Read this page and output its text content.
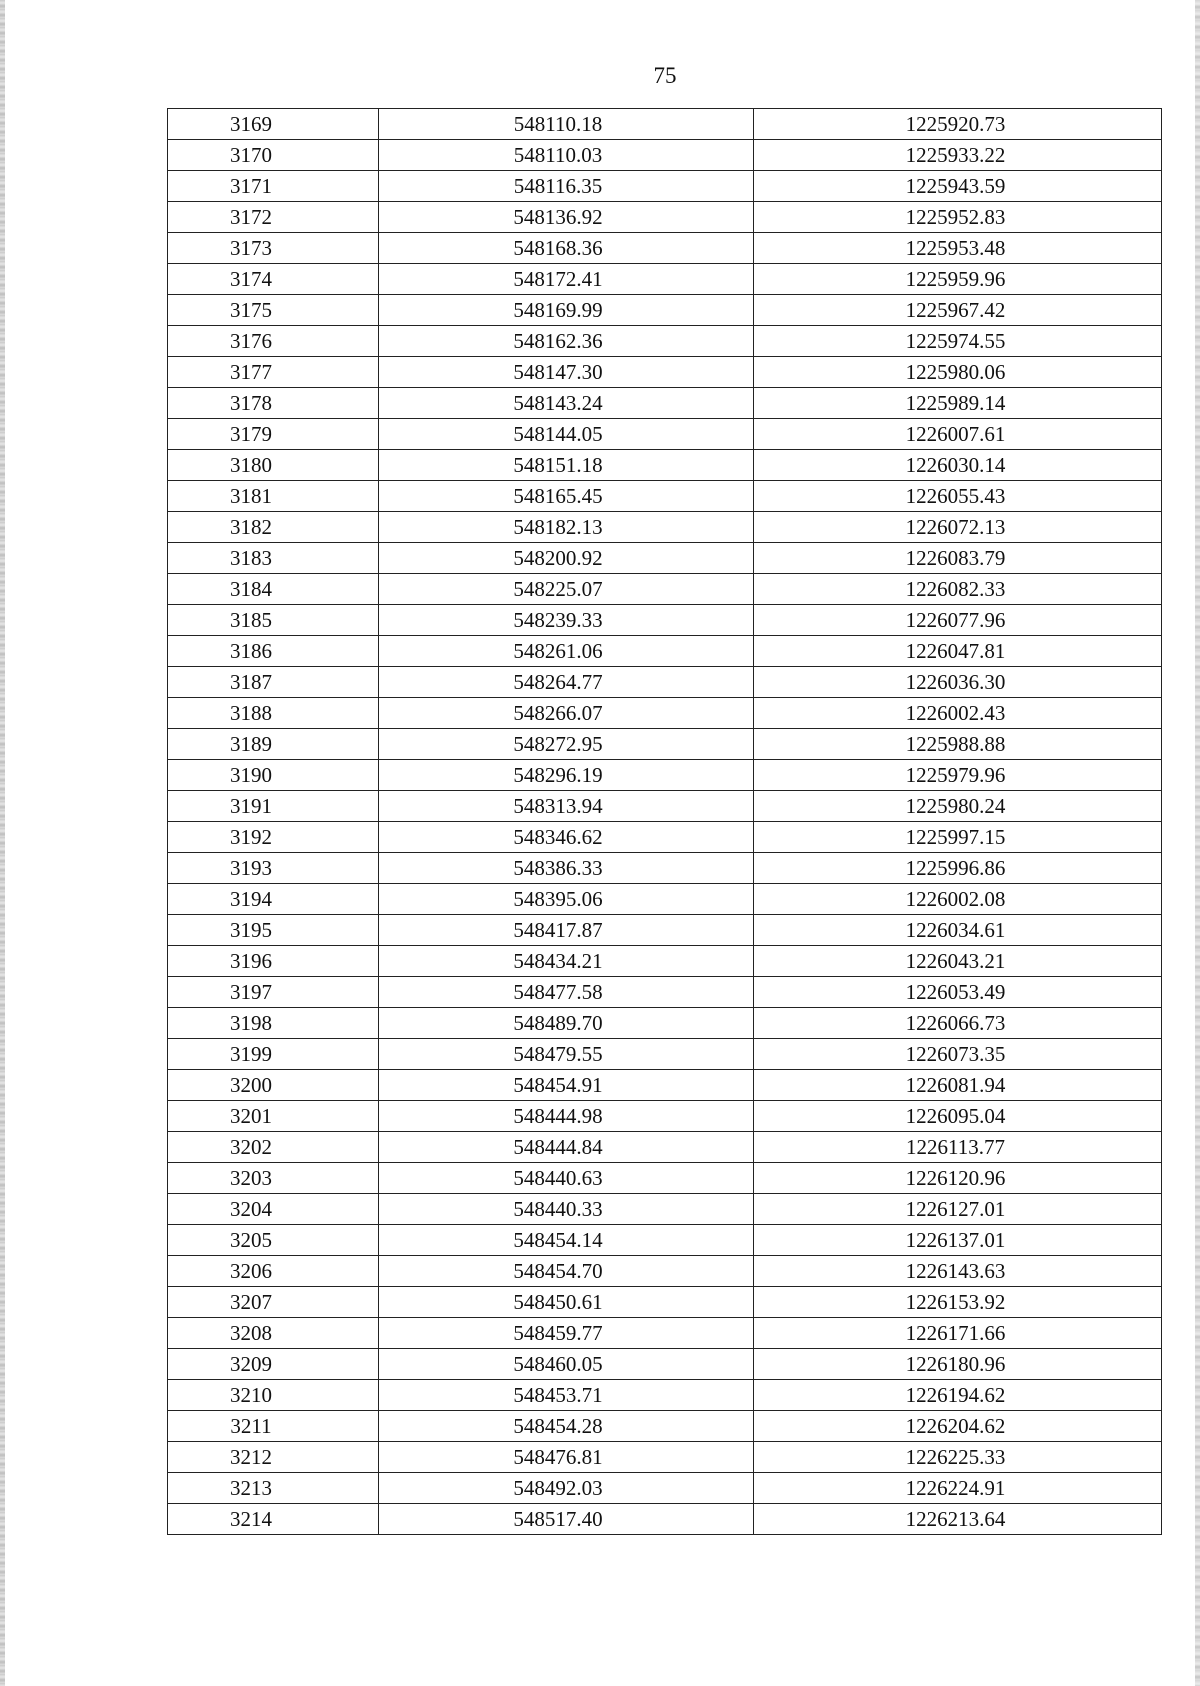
75
3169	548110.18	1225920.73
3170	548110.03	1225933.22
3171	548116.35	1225943.59
3172	548136.92	1225952.83
3173	548168.36	1225953.48
3174	548172.41	1225959.96
3175	548169.99	1225967.42
3176	548162.36	1225974.55
3177	548147.30	1225980.06
3178	548143.24	1225989.14
3179	548144.05	1226007.61
3180	548151.18	1226030.14
3181	548165.45	1226055.43
3182	548182.13	1226072.13
3183	548200.92	1226083.79
3184	548225.07	1226082.33
3185	548239.33	1226077.96
3186	548261.06	1226047.81
3187	548264.77	1226036.30
3188	548266.07	1226002.43
3189	548272.95	1225988.88
3190	548296.19	1225979.96
3191	548313.94	1225980.24
3192	548346.62	1225997.15
3193	548386.33	1225996.86
3194	548395.06	1226002.08
3195	548417.87	1226034.61
3196	548434.21	1226043.21
3197	548477.58	1226053.49
3198	548489.70	1226066.73
3199	548479.55	1226073.35
3200	548454.91	1226081.94
3201	548444.98	1226095.04
3202	548444.84	1226113.77
3203	548440.63	1226120.96
3204	548440.33	1226127.01
3205	548454.14	1226137.01
3206	548454.70	1226143.63
3207	548450.61	1226153.92
3208	548459.77	1226171.66
3209	548460.05	1226180.96
3210	548453.71	1226194.62
3211	548454.28	1226204.62
3212	548476.81	1226225.33
3213	548492.03	1226224.91
3214	548517.40	1226213.64
